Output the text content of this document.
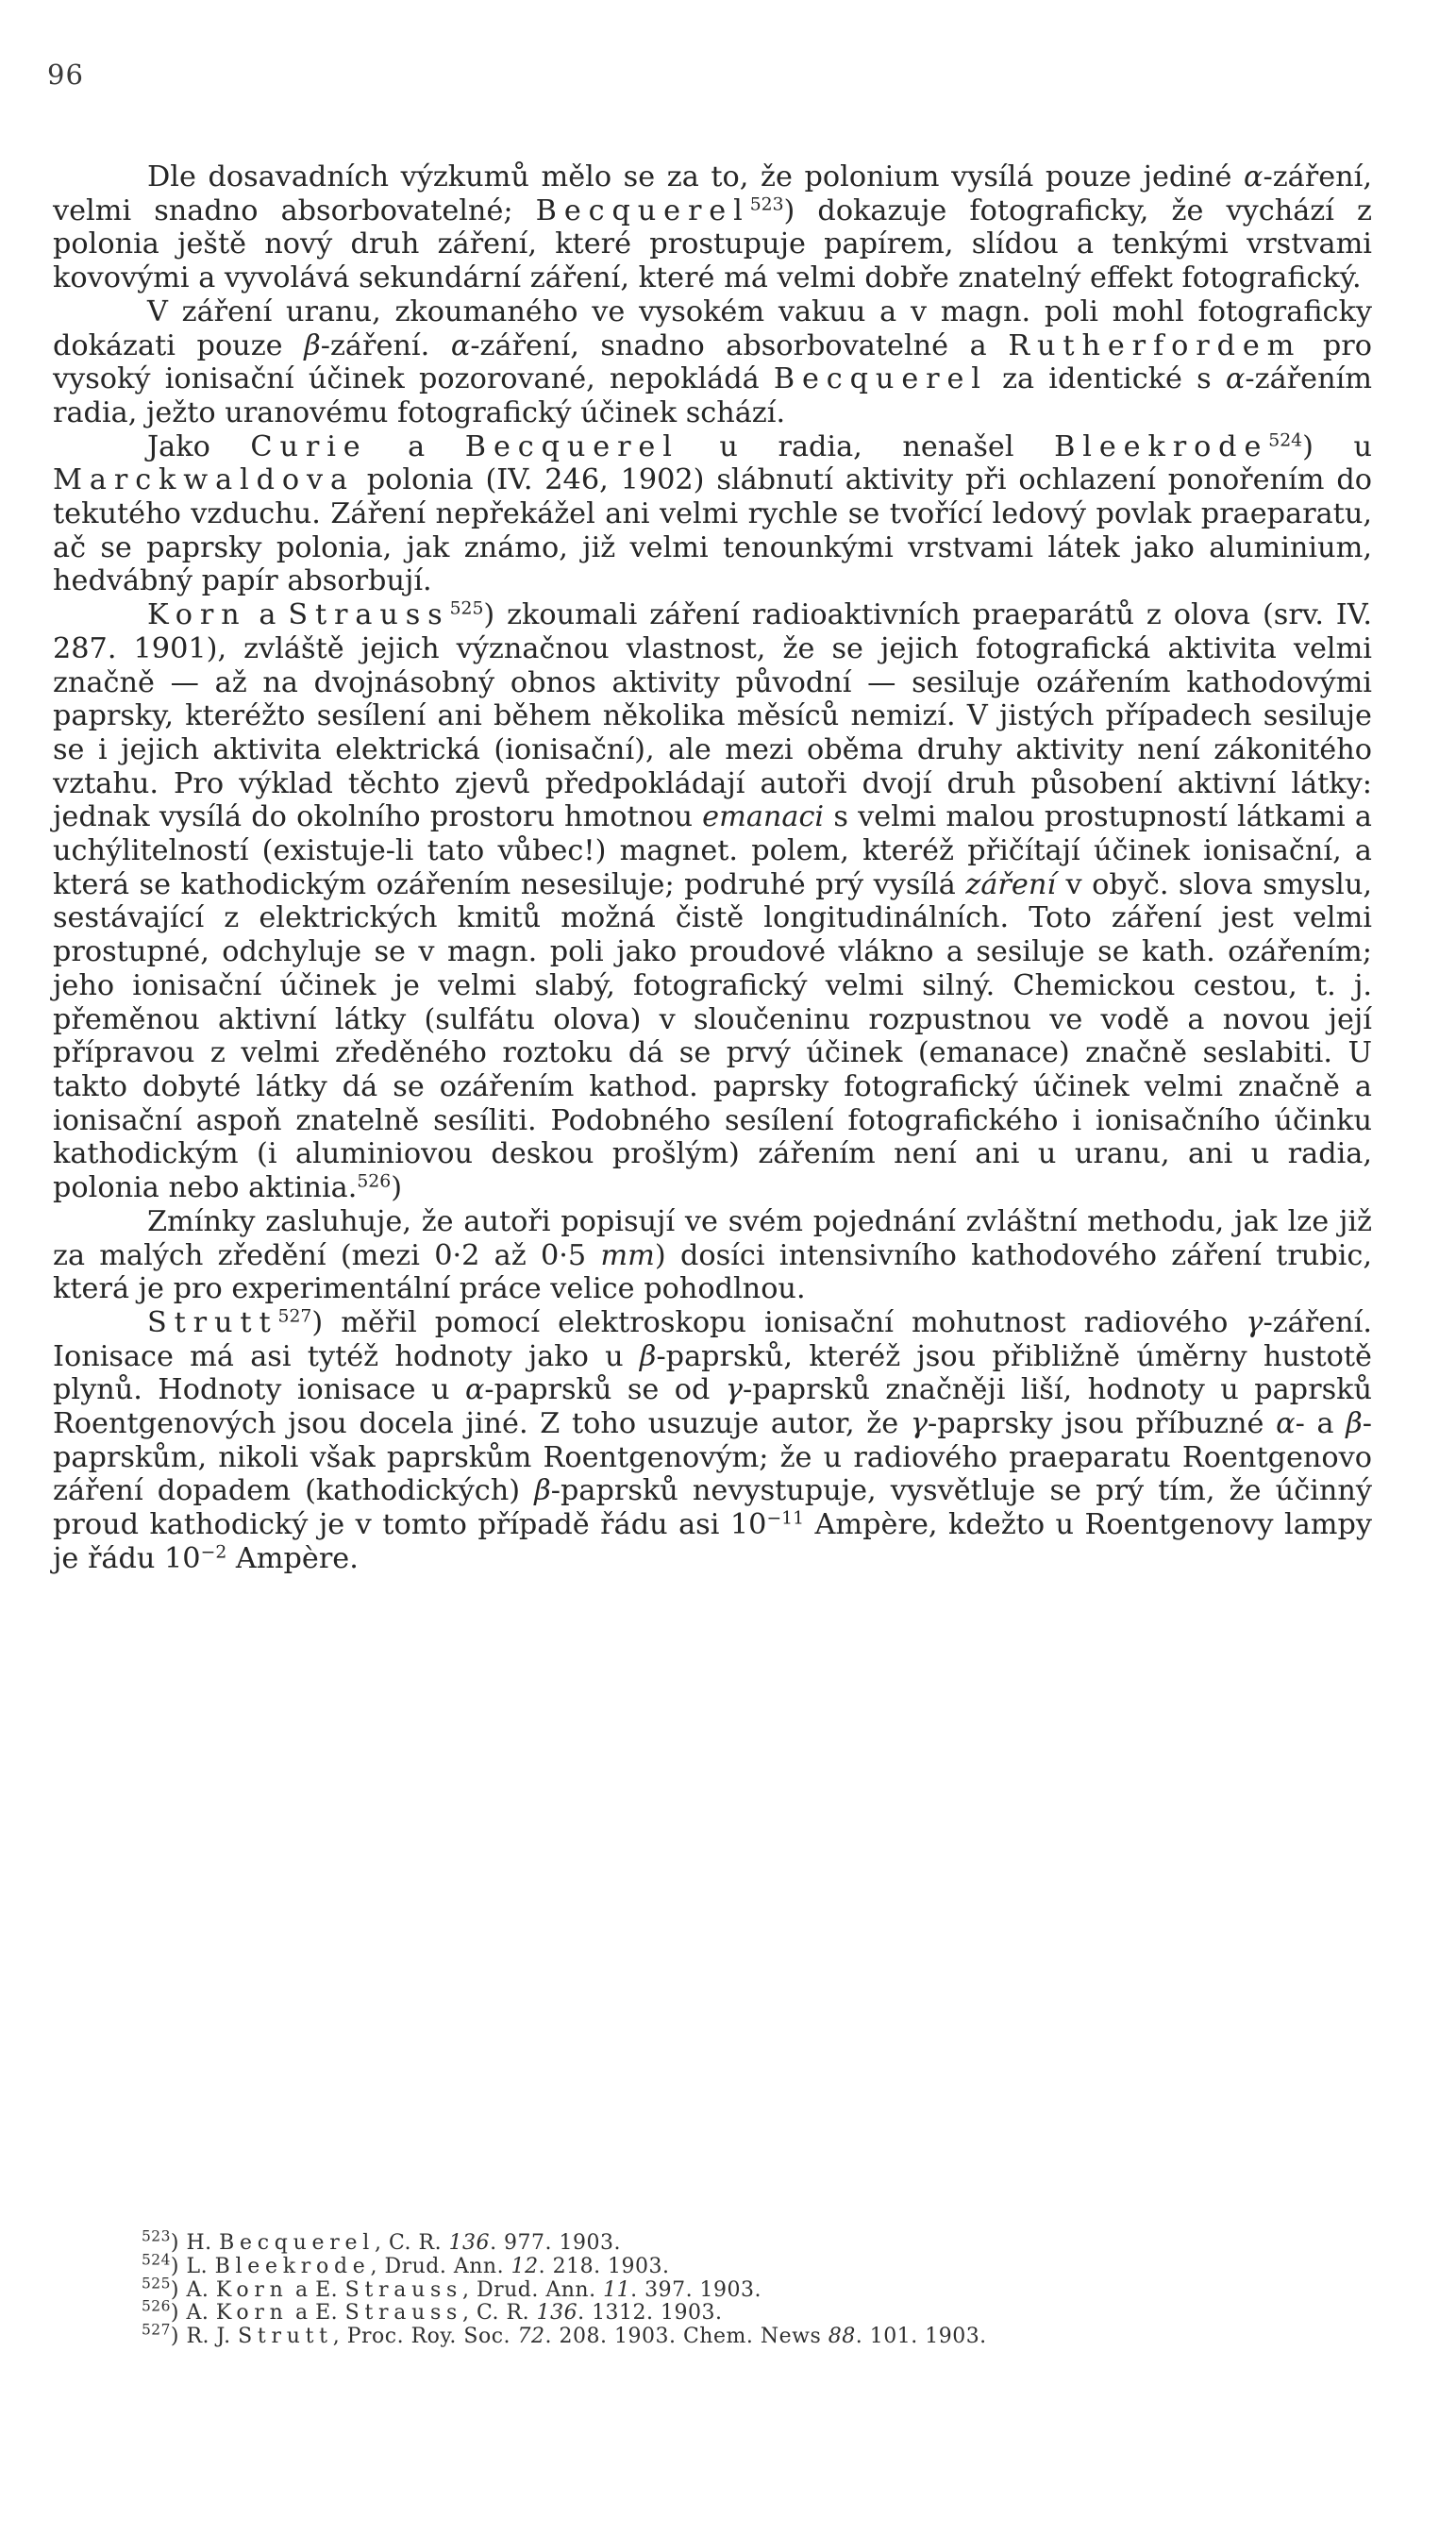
96

Dle dosavadních výzkumů mělo se za to, že polonium vysílá pouze jediné α-záření, velmi snadno absorbovatelné; Becquerel$^{523}$) dokazuje fotograficky, že vychází z polonia ještě nový druh záření, které prostupuje papírem, slídou a tenkými vrstvami kovovými a vyvolává sekundární záření, které má velmi dobře znatelný effekt fotografický.

V záření uranu, zkoumaného ve vysokém vakuu a v magn. poli mohl fotograficky dokázati pouze β-záření. α-záření, snadno absorbovatelné a Rutherfordem pro vysoký ionisační účinek pozorované, nepokládá Becquerel za identické s α-zářením radia, ježto uranovému fotografický účinek schází.

Jako Curie a Becquerel u radia, nenašel Bleekrode$^{524}$) u Marckwaldova polonia (IV. 246, 1902) slábnutí aktivity při ochlazení ponořením do tekutého vzduchu. Záření nepřekážel ani velmi rychle se tvořící ledový povlak praeparatu, ač se paprsky polonia, jak známo, již velmi tenounkými vrstvami látek jako aluminium, hedvábný papír absorbují.

Korn a Strauss$^{525}$) zkoumali záření radioaktivních praeparátů z olova (srv. IV. 287. 1901), zvláště jejich význačnou vlastnost, že se jejich fotografická aktivita velmi značně — až na dvojnásobný obnos aktivity původní — sesiluje ozářením kathodovými paprsky, kteréžto sesílení ani během několika měsíců nemizí. V jistých případech sesiluje se i jejich aktivita elektrická (ionisační), ale mezi oběma druhy aktivity není zákonitého vztahu. Pro výklad těchto zjevů předpokládají autoři dvojí druh působení aktivní látky: jednak vysílá do okolního prostoru hmotnou emanaci s velmi malou prostupností látkami a uchýlitelností (existuje-li tato vůbec!) magnet. polem, kteréž přičítají účinek ionisační, a která se kathodickým ozářením nesesiluje; podruhé prý vysílá záření v obyč. slova smyslu, sestávající z elektrických kmitů možná čistě longitudinálních. Toto záření jest velmi prostupné, odchyluje se v magn. poli jako proudové vlákno a sesiluje se kath. ozářením; jeho ionisační účinek je velmi slabý, fotografický velmi silný. Chemickou cestou, t. j. přeměnou aktivní látky (sulfátu olova) v sloučeninu rozpustnou ve vodě a novou její přípravou z velmi zředěného roztoku dá se prvý účinek (emanace) značně seslabiti. U takto dobyté látky dá se ozářením kathod. paprsky fotografický účinek velmi značně a ionisační aspoň znatelně sesíliti. Podobného sesílení fotografického i ionisačního účinku kathodickým (i aluminiovou deskou prošlým) zářením není ani u uranu, ani u radia, polonia nebo aktinia.$^{526}$)

Zmínky zasluhuje, že autoři popisují ve svém pojednání zvláštní methodu, jak lze již za malých zředění (mezi 0·2 až 0·5 mm) dosíci intensivního kathodového záření trubic, která je pro experimentální práce velice pohodlnou.

Strutt$^{527}$) měřil pomocí elektroskopu ionisační mohutnost radiového γ-záření. Ionisace má asi tytéž hodnoty jako u β-paprsků, kteréž jsou přibližně úměrny hustotě plynů. Hodnoty ionisace u α-paprsků se od γ-paprsků značněji liší, hodnoty u paprsků Roentgenových jsou docela jiné. Z toho usuzuje autor, že γ-paprsky jsou příbuzné α- a β-paprskům, nikoli však paprskům Roentgenovým; že u radiového praeparatu Roentgenovo záření dopadem (kathodických) β-paprsků nevystupuje, vysvětluje se prý tím, že účinný proud kathodický je v tomto případě řádu asi $10^{-11}$ Ampère, kdežto u Roentgenovy lampy je řádu $10^{-2}$ Ampère.

$^{523}$) H. Becquerel, C. R. 136. 977. 1903.

$^{524}$) L. Bleekrode, Drud. Ann. 12. 218. 1903.

$^{525}$) A. Korn a E. Strauss, Drud. Ann. 11. 397. 1903.

$^{526}$) A. Korn a E. Strauss, C. R. 136. 1312. 1903.

$^{527}$) R. J. Strutt, Proc. Roy. Soc. 72. 208. 1903. Chem. News 88. 101. 1903.
